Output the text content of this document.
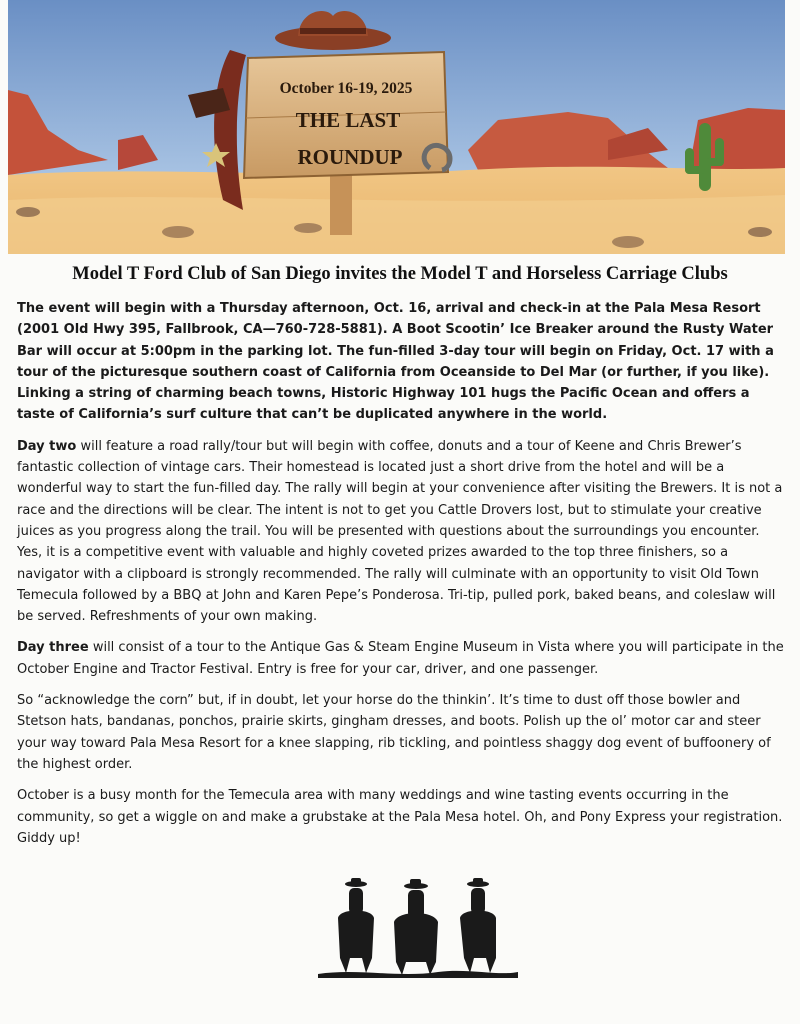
October 16-19, 2025
THE LAST
ROUNDUP
Model T Ford Club of San Diego invites the Model T and Horseless Carriage Clubs

The event will begin with a Thursday afternoon, Oct. 16, arrival and check-in at the Pala Mesa Resort (2001 Old Hwy 395, Fallbrook, CA—760-728-5881). A Boot Scootin’ Ice Breaker around the Rusty Water Bar will occur at 5:00pm in the parking lot. The fun-filled 3-day tour will begin on Friday, Oct. 17 with a tour of the picturesque southern coast of California from Oceanside to Del Mar (or further, if you like). Linking a string of charming beach towns, Historic Highway 101 hugs the Pacific Ocean and offers a taste of California’s surf culture that can’t be duplicated anywhere in the world.

Day two will feature a road rally/tour but will begin with coffee, donuts and a tour of Keene and Chris Brewer’s fantastic collection of vintage cars. Their homestead is located just a short drive from the hotel and will be a wonderful way to start the fun-filled day. The rally will begin at your convenience after visiting the Brewers. It is not a race and the directions will be clear. The intent is not to get you Cattle Drovers lost, but to stimulate your creative juices as you progress along the trail. You will be presented with questions about the surroundings you encounter. Yes, it is a competitive event with valuable and highly coveted prizes awarded to the top three finishers, so a navigator with a clipboard is strongly recommended. The rally will culminate with an opportunity to visit Old Town Temecula followed by a BBQ at John and Karen Pepe’s Ponderosa. Tri-tip, pulled pork, baked beans, and coleslaw will be served. Refreshments of your own making.

Day three will consist of a tour to the Antique Gas & Steam Engine Museum in Vista where you will participate in the October Engine and Tractor Festival. Entry is free for your car, driver, and one passenger.

So “acknowledge the corn” but, if in doubt, let your horse do the thinkin’. It’s time to dust off those bowler and Stetson hats, bandanas, ponchos, prairie skirts, gingham dresses, and boots. Polish up the ol’ motor car and steer your way toward Pala Mesa Resort for a knee slapping, rib tickling, and pointless shaggy dog event of buffoonery of the highest order.

October is a busy month for the Temecula area with many weddings and wine tasting events occurring in the community, so get a wiggle on and make a grubstake at the Pala Mesa hotel. Oh, and Pony Express your registration. Giddy up!
